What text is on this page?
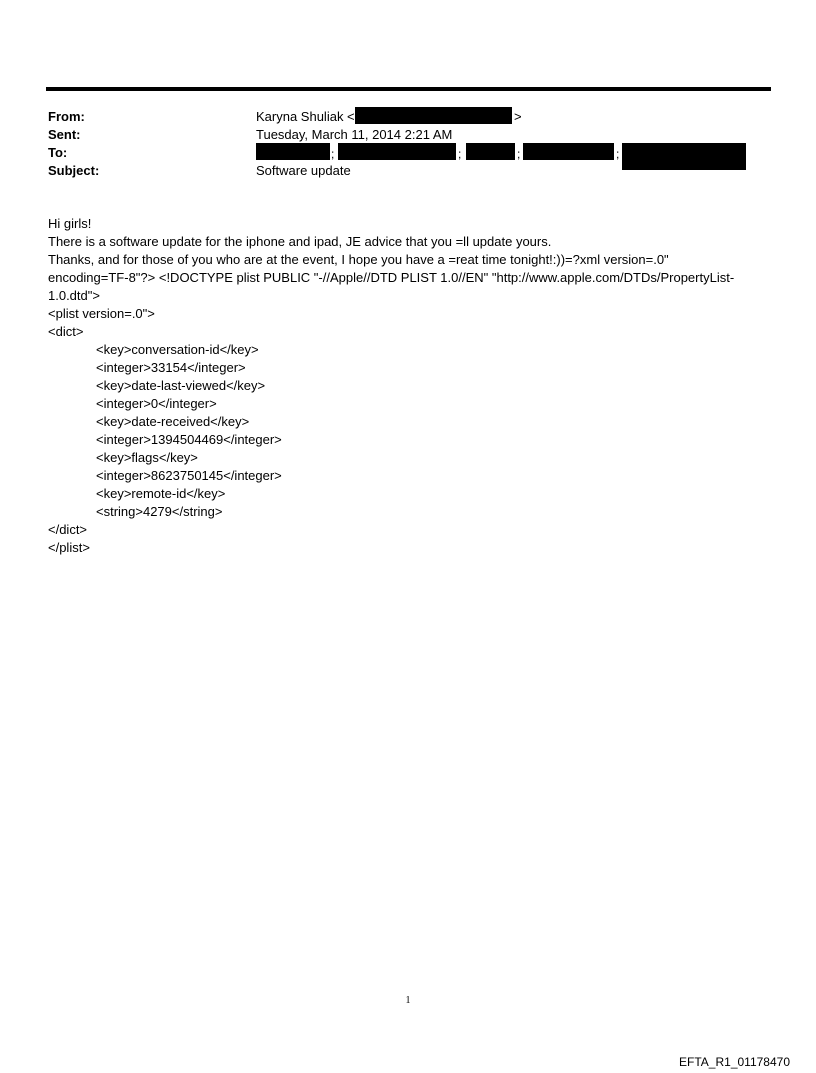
From:	Karyna Shuliak <	>
Sent:	Tuesday, March 11, 2014 2:21 AM
To:	;	;	;	;
Subject:	Software update
Hi girls!
There is a software update for the iphone and ipad, JE advice that you =ll update yours.
Thanks, and for those of you who are at the event, I hope you have a =reat time tonight!:))=?xml version=.0"
encoding=TF-8"?> <!DOCTYPE plist PUBLIC "-//Apple//DTD PLIST 1.0//EN" "http://www.apple.com/DTDs/PropertyList-
1.0.dtd">
<plist version=.0">
<dict>
<key>conversation-id</key>
<integer>33154</integer>
<key>date-last-viewed</key>
<integer>0</integer>
<key>date-received</key>
<integer>1394504469</integer>
<key>flags</key>
<integer>8623750145</integer>
<key>remote-id</key>
<string>4279</string>
</dict>
</plist>
1
EFTA_R1_01178470
